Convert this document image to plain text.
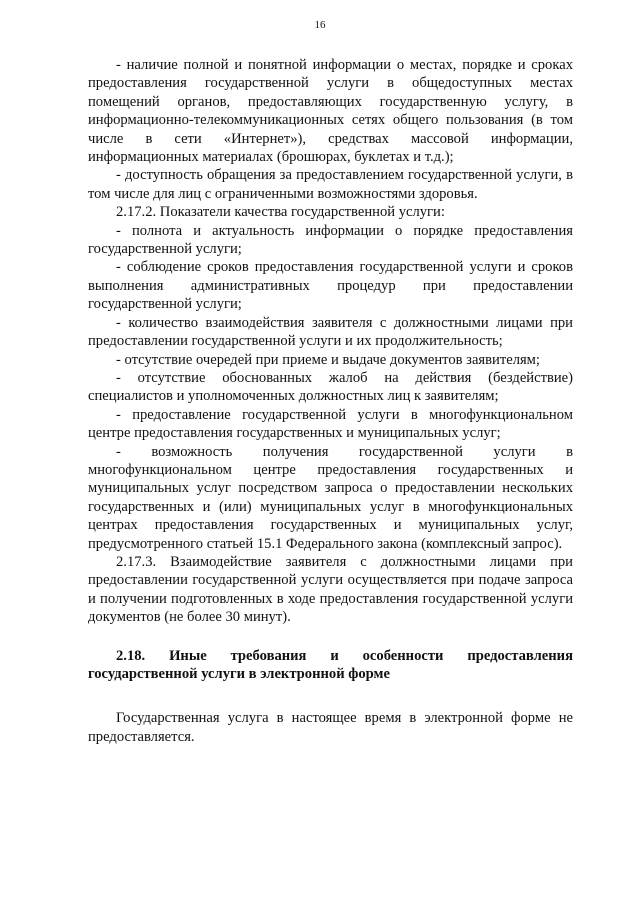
16

- наличие полной и понятной информации о местах, порядке и сроках предоставления государственной услуги в общедоступных местах помещений органов, предоставляющих государственную услугу, в информационно-телекоммуникационных сетях общего пользования (в том числе в сети «Интернет»), средствах массовой информации, информационных материалах (брошюрах, буклетах и т.д.);

- доступность обращения за предоставлением государственной услуги, в том числе для лиц с ограниченными возможностями здоровья.

2.17.2. Показатели качества государственной услуги:

- полнота и актуальность информации о порядке предоставления государственной услуги;

- соблюдение сроков предоставления государственной услуги и сроков выполнения административных процедур при предоставлении государственной услуги;

- количество взаимодействия заявителя с должностными лицами при предоставлении государственной услуги и их продолжительность;

- отсутствие очередей при приеме и выдаче документов заявителям;

- отсутствие обоснованных жалоб на действия (бездействие) специалистов и уполномоченных должностных лиц к заявителям;

- предоставление государственной услуги в многофункциональном центре предоставления государственных и муниципальных услуг;

- возможность получения государственной услуги в многофункциональном центре предоставления государственных и муниципальных услуг посредством запроса о предоставлении нескольких государственных и (или) муниципальных услуг в многофункциональных центрах предоставления государственных и муниципальных услуг, предусмотренного статьей 15.1 Федерального закона (комплексный запрос).

2.17.3. Взаимодействие заявителя с должностными лицами при предоставлении государственной услуги осуществляется при подаче запроса и получении подготовленных в ходе предоставления государственной услуги документов (не более 30 минут).

2.18. Иные требования и особенности предоставления государственной услуги в электронной форме

Государственная услуга в настоящее время в электронной форме не предоставляется.
